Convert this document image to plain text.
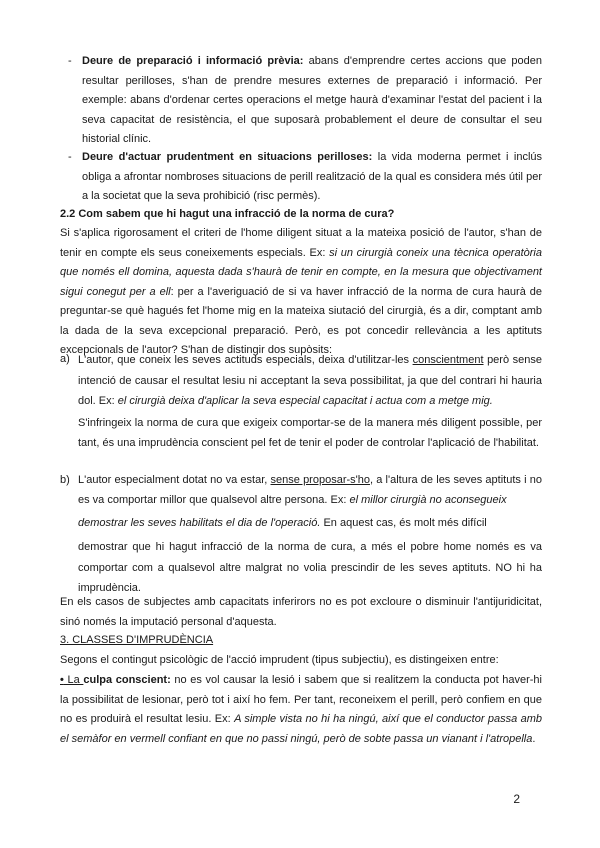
- Deure de preparació i informació prèvia: abans d'emprendre certes accions que poden resultar perilloses, s'han de prendre mesures externes de preparació i informació. Per exemple: abans d'ordenar certes operacions el metge haurà d'examinar l'estat del pacient i la seva capacitat de resistència, el que suposarà probablement el deure de consultar el seu historial clínic.

- Deure d'actuar prudentment en situacions perilloses: la vida moderna permet i inclús obliga a afrontar nombroses situacions de perill realització de la qual es considera més útil per a la societat que la seva prohibició (risc permès).

2.2 Com sabem que hi hagut una infracció de la norma de cura?

Si s'aplica rigorosament el criteri de l'home diligent situat a la mateixa posició de l'autor, s'han de tenir en compte els seus coneixements especials. Ex: si un cirurgià coneix una tècnica operatòria que només ell domina, aquesta dada s'haurà de tenir en compte, en la mesura que objectivament sigui conegut per a ell: per a l'averiguació de si va haver infracció de la norma de cura haurà de preguntar-se què hagués fet l'home mig en la mateixa siutació del cirurgià, és a dir, comptant amb la dada de la seva excepcional preparació. Però, es pot concedir rellevància a les aptituts excepcionals de l'autor? S'han de distingir dos supòsits:

a) L'autor, que coneix les seves actituds especials, deixa d'utilitzar-les conscientment però sense intenció de causar el resultat lesiu ni acceptant la seva possibilitat, ja que del contrari hi hauria dol. Ex: el cirurgià deixa d'aplicar la seva especial capacitat i actua com a metge mig.

S'infringeix la norma de cura que exigeix comportar-se de la manera més diligent possible, per tant, és una imprudència conscient pel fet de tenir el poder de controlar l'aplicació de l'habilitat.

b) L'autor especialment dotat no va estar, sense proposar-s'ho, a l'altura de les seves aptituts i no es va comportar millor que qualsevol altre persona. Ex: el millor cirurgià no aconsegueix

demostrar les seves habilitats el dia de l'operació. En aquest cas, és molt més difícil

demostrar que hi hagut infracció de la norma de cura, a més el pobre home només es va comportar com a qualsevol altre malgrat no volia prescindir de les seves aptituts. NO hi ha imprudència.

En els casos de subjectes amb capacitats inferirors no es pot excloure o disminuir l'antijuridicitat, sinó només la imputació personal d'aquesta.

3. CLASSES D'IMPRUDÈNCIA

Segons el contingut psicològic de l'acció imprudent (tipus subjectiu), es distingeixen entre:

• La culpa conscient: no es vol causar la lesió i sabem que si realitzem la conducta pot haver-hi la possibilitat de lesionar, però tot i així ho fem. Per tant, reconeixem el perill, però confiem en que no es produirà el resultat lesiu. Ex: A simple vista no hi ha ningú, així que el conductor passa amb el semàfor en vermell confiant en que no passi ningú, però de sobte passa un vianant i l'atropella.

2
